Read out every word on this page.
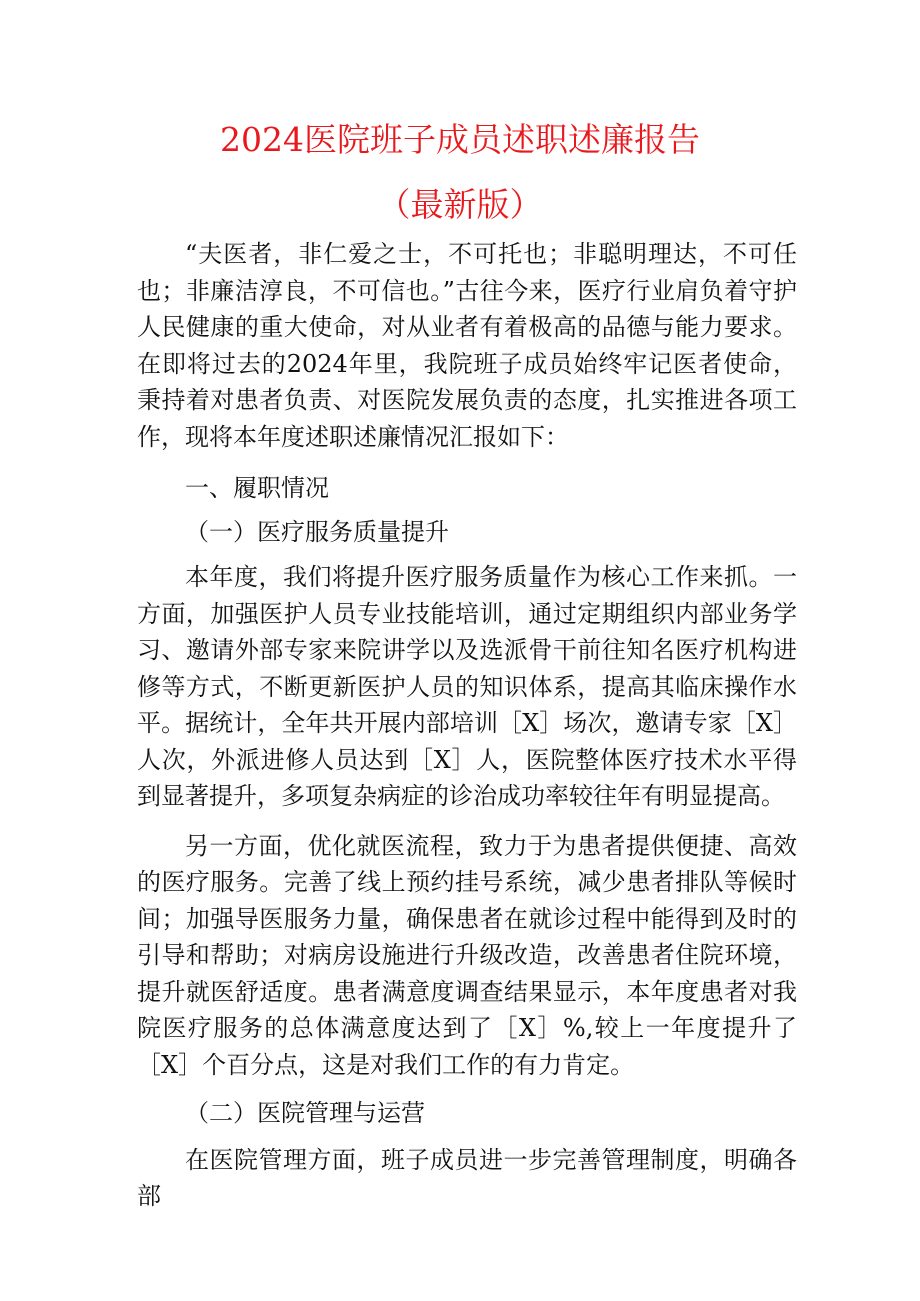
2024医院班子成员述职述廉报告
（最新版）

“夫医者，非仁爱之士，不可托也；非聪明理达，不可任也；非廉洁淳良，不可信也。”古往今来，医疗行业肩负着守护人民健康的重大使命，对从业者有着极高的品德与能力要求。在即将过去的2024年里，我院班子成员始终牢记医者使命，秉持着对患者负责、对医院发展负责的态度，扎实推进各项工作，现将本年度述职述廉情况汇报如下：

一、履职情况

（一）医疗服务质量提升

本年度，我们将提升医疗服务质量作为核心工作来抓。一方面，加强医护人员专业技能培训，通过定期组织内部业务学习、邀请外部专家来院讲学以及选派骨干前往知名医疗机构进修等方式，不断更新医护人员的知识体系，提高其临床操作水平。据统计，全年共开展内部培训［X］场次，邀请专家［X］人次，外派进修人员达到［X］人，医院整体医疗技术水平得到显著提升，多项复杂病症的诊治成功率较往年有明显提高。

另一方面，优化就医流程，致力于为患者提供便捷、高效的医疗服务。完善了线上预约挂号系统，减少患者排队等候时间；加强导医服务力量，确保患者在就诊过程中能得到及时的引导和帮助；对病房设施进行升级改造，改善患者住院环境，提升就医舒适度。患者满意度调查结果显示，本年度患者对我院医疗服务的总体满意度达到了［X］%,较上一年度提升了［X］个百分点，这是对我们工作的有力肯定。

（二）医院管理与运营

在医院管理方面，班子成员进一步完善管理制度，明确各部
